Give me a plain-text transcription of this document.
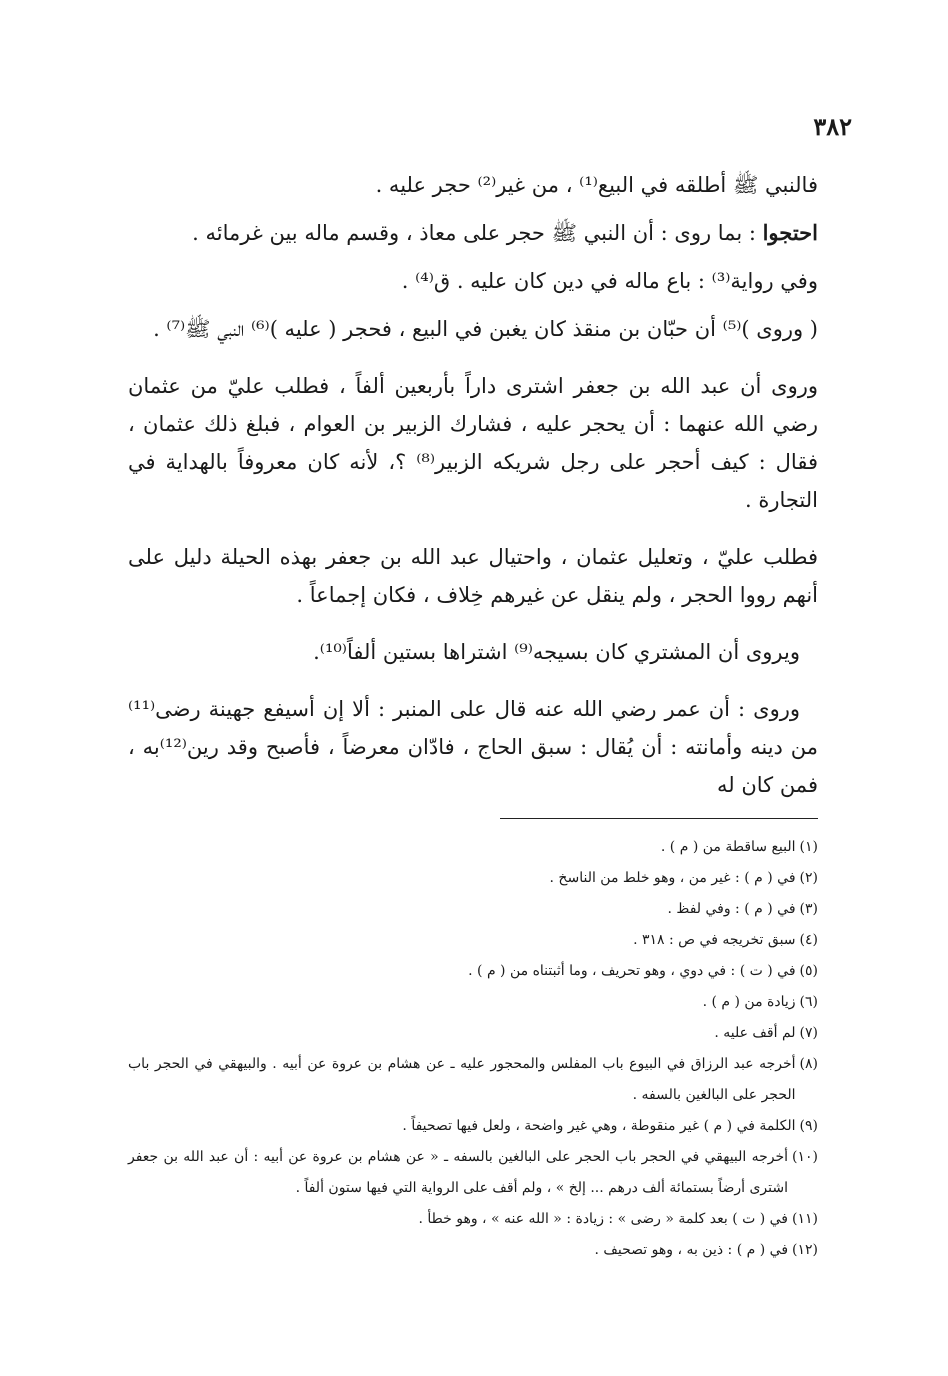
٣٨٢

فالنبي ﷺ أطلقه في البيع⁽¹⁾ ، من غير⁽²⁾ حجر عليه .

احتجوا : بما روى : أن النبي ﷺ حجر على معاذ ، وقسم ماله بين غرمائه .

وفي رواية⁽³⁾ : باع ماله في دين كان عليه . ق⁽⁴⁾ .

( وروى )⁽⁵⁾ أن حبّان بن منقذ كان يغبن في البيع ، فحجر ( عليه )⁽⁶⁾ النبي ﷺ⁽⁷⁾ .

وروى أن عبد الله بن جعفر اشترى داراً بأربعين ألفاً ، فطلب عليّ من عثمان رضي الله عنهما : أن يحجر عليه ، فشارك الزبير بن العوام ، فبلغ ذلك عثمان ، فقال : كيف أحجر على رجل شريكه الزبير⁽⁸⁾ ؟، لأنه كان معروفاً بالهداية في التجارة .

فطلب عليّ ، وتعليل عثمان ، واحتيال عبد الله بن جعفر بهذه الحيلة دليل على أنهم رووا الحجر ، ولم ينقل عن غيرهم خِلاف ، فكان إجماعاً .

ويروى أن المشتري كان بسيجه⁽⁹⁾ اشتراها بستين ألفاً⁽¹⁰⁾.

وروى : أن عمر رضي الله عنه قال على المنبر : ألا إن أسيفع جهينة رضى⁽¹¹⁾من دينه وأمانته : أن يُقال : سبق الحاج ، فادّان معرضاً ، فأصبح وقد رين⁽¹²⁾به ، فمن كان له

(١)
البيع ساقطة من ( م ) .
(٢)
في ( م ) : غير من ، وهو خلط من الناسخ .
(٣)
في ( م ) : وفي لفظ .
(٤)
سبق تخريجه في ص : ٣١٨ .
(٥)
في ( ت ) : في دوي ، وهو تحريف ، وما أثبتناه من ( م ) .
(٦)
زيادة من ( م ) .
(٧)
لم أقف عليه .
(٨)
أخرجه عبد الرزاق في البيوع باب المفلس والمحجور عليه ـ عن هشام بن عروة عن أبيه . والبيهقي في الحجر باب الحجر على البالغين بالسفه .
(٩)
الكلمة في ( م ) غير منقوطة ، وهي غير واضحة ، ولعل فيها تصحيفاً .
(١٠)
أخرجه البيهقي في الحجر باب الحجر على البالغين بالسفه ـ « عن هشام بن عروة عن أبيه : أن عبد الله بن جعفر اشترى أرضاً بستمائة ألف درهم ... إلخ » ، ولم أقف على الرواية التي فيها ستون ألفاً .
(١١)
في ( ت ) بعد كلمة « رضى » : زيادة : « الله عنه » ، وهو خطأ .
(١٢)
في ( م ) : ذين به ، وهو تصحيف .
